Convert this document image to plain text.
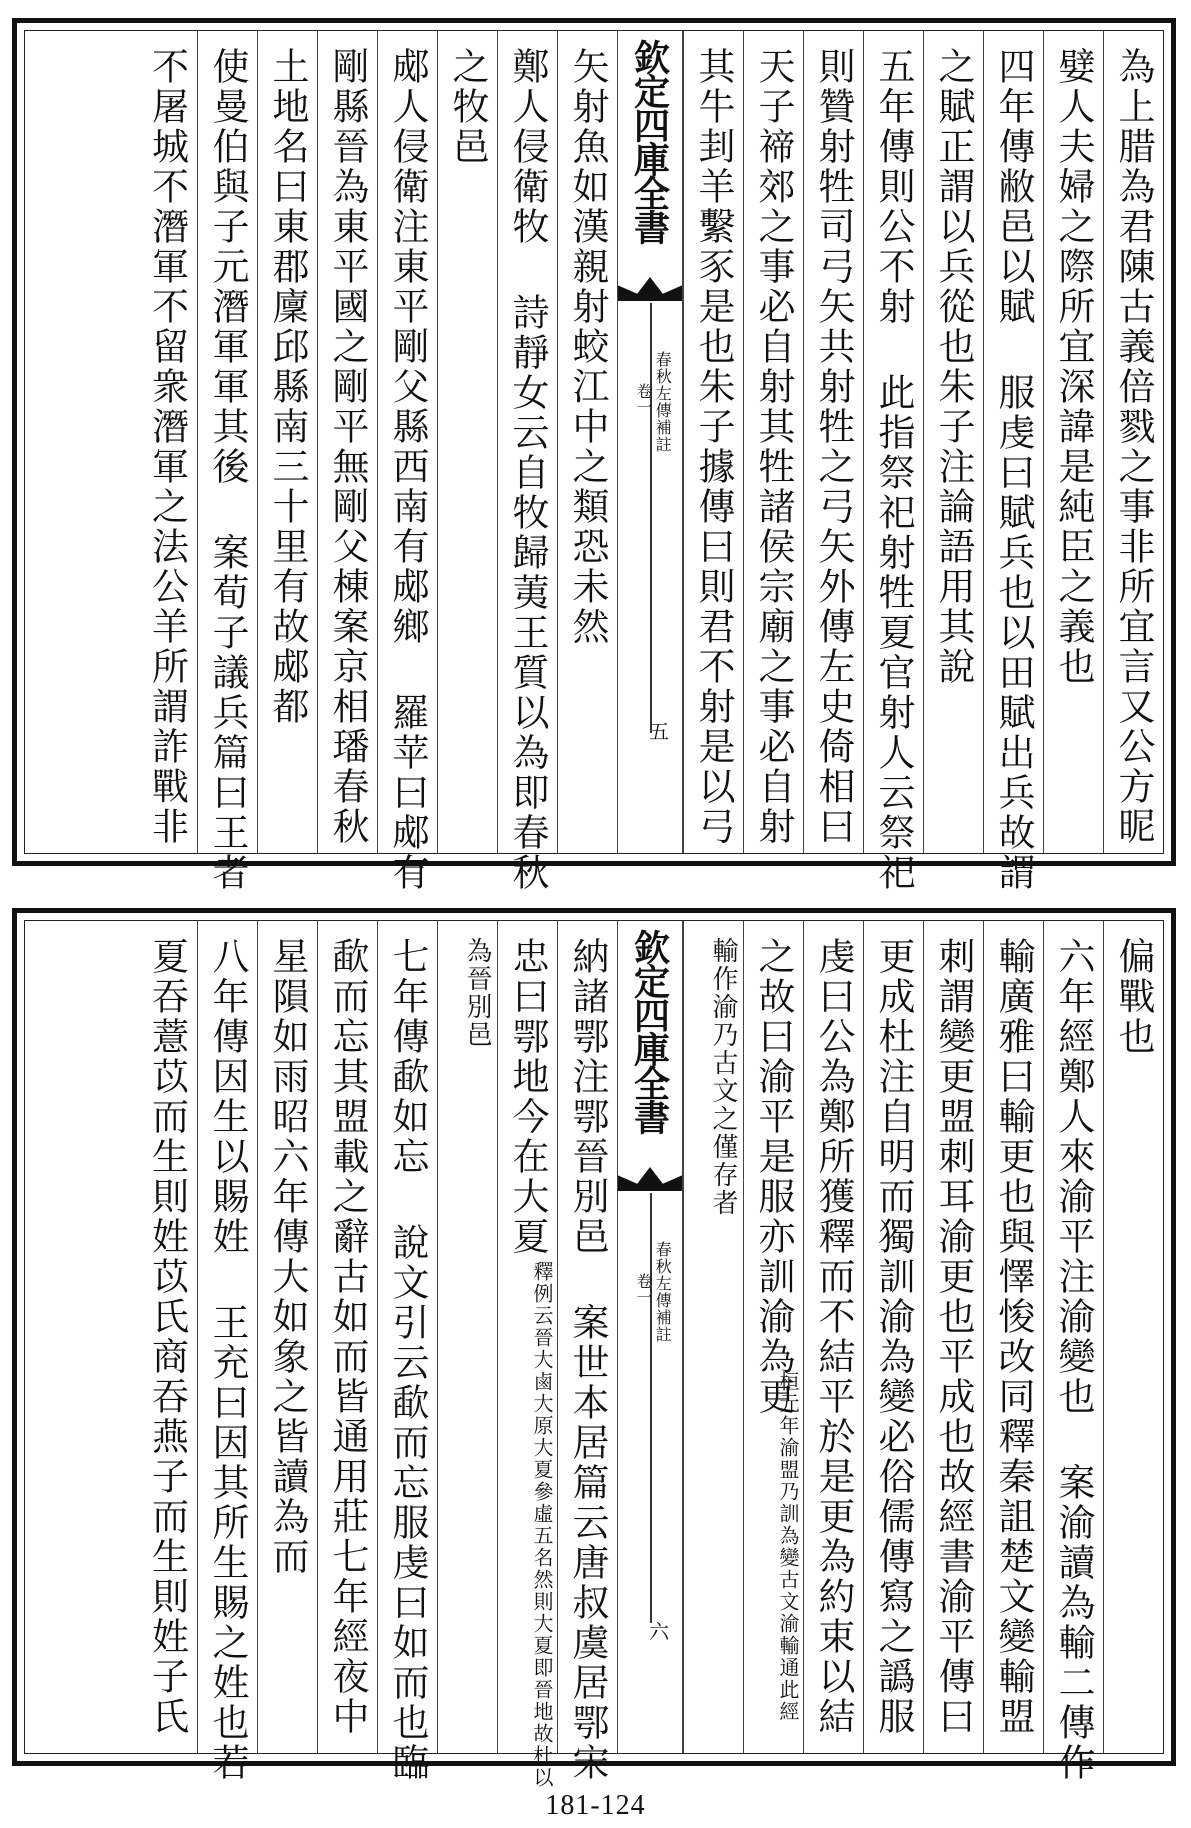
為上腊為君陳古義倍戮之事非所宜言又公方昵
嬖人夫婦之際所宜深諱是純臣之義也
四年傳敝邑以賦 服虔曰賦兵也以田賦出兵故謂
之賦正謂以兵從也朱子注論語用其說
五年傳則公不射 此指祭祀射牲夏官射人云祭祀
則贊射牲司弓矢共射牲之弓矢外傳左史倚相曰
天子禘郊之事必自射其牲諸侯宗廟之事必自射
其牛刲羊繫豕是也朱子據傳曰則君不射是以弓
欽定四庫全書
春秋左傳補註
卷一
五
矢射魚如漢親射蛟江中之類恐未然
鄭人侵衛牧 詩靜女云自牧歸荑王質以為即春秋
之牧邑
郕人侵衛注東平剛父縣西南有郕鄉 羅苹曰郕有
剛縣晉為東平國之剛平無剛父棟案京相璠春秋
土地名曰東郡廩邱縣南三十里有故郕都
使曼伯與子元潛軍軍其後 案荀子議兵篇曰王者
不屠城不潛軍不留衆潛軍之法公羊所謂詐戰非
偏戰也
六年經鄭人來渝平注渝變也 案渝讀為輸二傳作
輸廣雅曰輸更也與懌悛改同釋秦詛楚文變輸盟
刺謂變更盟刺耳渝更也平成也故經書渝平傳曰
更成杜注自明而獨訓渝為變必俗儒傳寫之譌服
虔曰公為鄭所獲釋而不結平於是更為約束以結
之故曰渝平是服亦訓渝為更
桓元年渝盟乃訓為變古文渝輸通此經
輸作渝乃古文之僅存者
欽定四庫全書
春秋左傳補註
卷一
六
納諸鄂注鄂晉別邑 案世本居篇云唐叔虞居鄂宋
忠曰鄂地今在大夏
釋例云晉大鹵大原大夏參虛五名然則大夏即晉地故杜以
為晉別邑
七年傳歃如忘 說文引云歃而忘服虔曰如而也臨
歃而忘其盟載之辭古如而皆通用莊七年經夜中
星隕如雨昭六年傳大如象之皆讀為而
八年傳因生以賜姓 王充曰因其所生賜之姓也若
夏吞薏苡而生則姓苡氏商吞燕子而生則姓子氏
181-124
